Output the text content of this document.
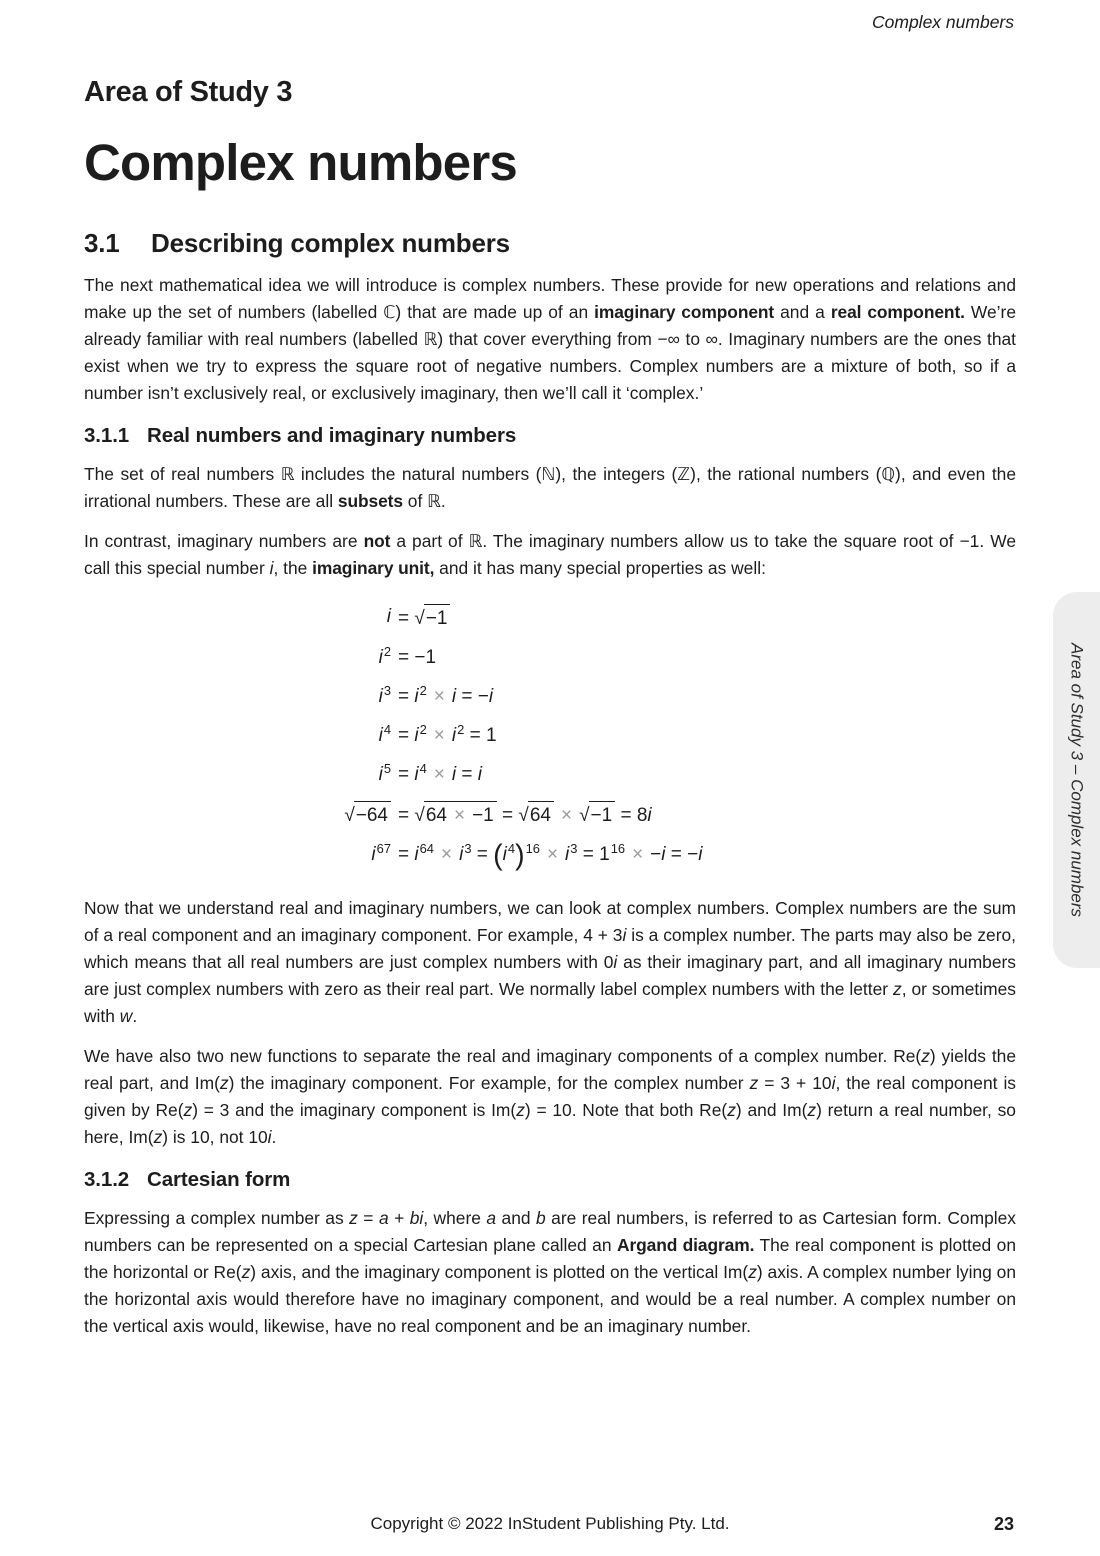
Complex numbers
Area of Study 3
Complex numbers
3.1	Describing complex numbers

The next mathematical idea we will introduce is complex numbers. These provide for new operations and relations and make up the set of numbers (labelled ℂ) that are made up of an imaginary component and a real component. We’re already familiar with real numbers (labelled ℝ) that cover everything from −∞ to ∞. Imaginary numbers are the ones that exist when we try to express the square root of negative numbers. Complex numbers are a mixture of both, so if a number isn’t exclusively real, or exclusively imaginary, then we’ll call it ‘complex.’

3.1.1 Real numbers and imaginary numbers

The set of real numbers ℝ includes the natural numbers (ℕ), the integers (ℤ), the rational numbers (ℚ), and even the irrational numbers. These are all subsets of ℝ.

In contrast, imaginary numbers are not a part of ℝ. The imaginary numbers allow us to take the square root of −1. We call this special number i, the imaginary unit, and it has many special properties as well:

i = √−1
$i^2 = -1$
$i^3 = i^2 \times i = -i$
$i^4 = i^2 \times i^2 = 1$
$i^5 = i^4 \times i = i$
√−64 = √64 × −1 = √64 × √−1 = 8i
$i^{67} = i^{64} \times i^3 = (i^4)^{16} \times i^3 = 1^{16} \times -i = -i$

Now that we understand real and imaginary numbers, we can look at complex numbers. Complex numbers are the sum of a real component and an imaginary component. For example, 4 + 3i is a complex number. The parts may also be zero, which means that all real numbers are just complex numbers with 0i as their imaginary part, and all imaginary numbers are just complex numbers with zero as their real part. We normally label complex numbers with the letter z, or sometimes with w.

We have also two new functions to separate the real and imaginary components of a complex number. Re(z) yields the real part, and Im(z) the imaginary component. For example, for the complex number z = 3 + 10i, the real component is given by Re(z) = 3 and the imaginary component is Im(z) = 10. Note that both Re(z) and Im(z) return a real number, so here, Im(z) is 10, not 10i.

3.1.2 Cartesian form

Expressing a complex number as z = a + bi, where a and b are real numbers, is referred to as Cartesian form. Complex numbers can be represented on a special Cartesian plane called an Argand diagram. The real component is plotted on the horizontal or Re(z) axis, and the imaginary component is plotted on the vertical Im(z) axis. A complex number lying on the horizontal axis would therefore have no imaginary component, and would be a real number. A complex number on the vertical axis would, likewise, have no real component and be an imaginary number.

Area of Study 3 – Complex numbers
Copyright © 2022 InStudent Publishing Pty. Ltd.	23
